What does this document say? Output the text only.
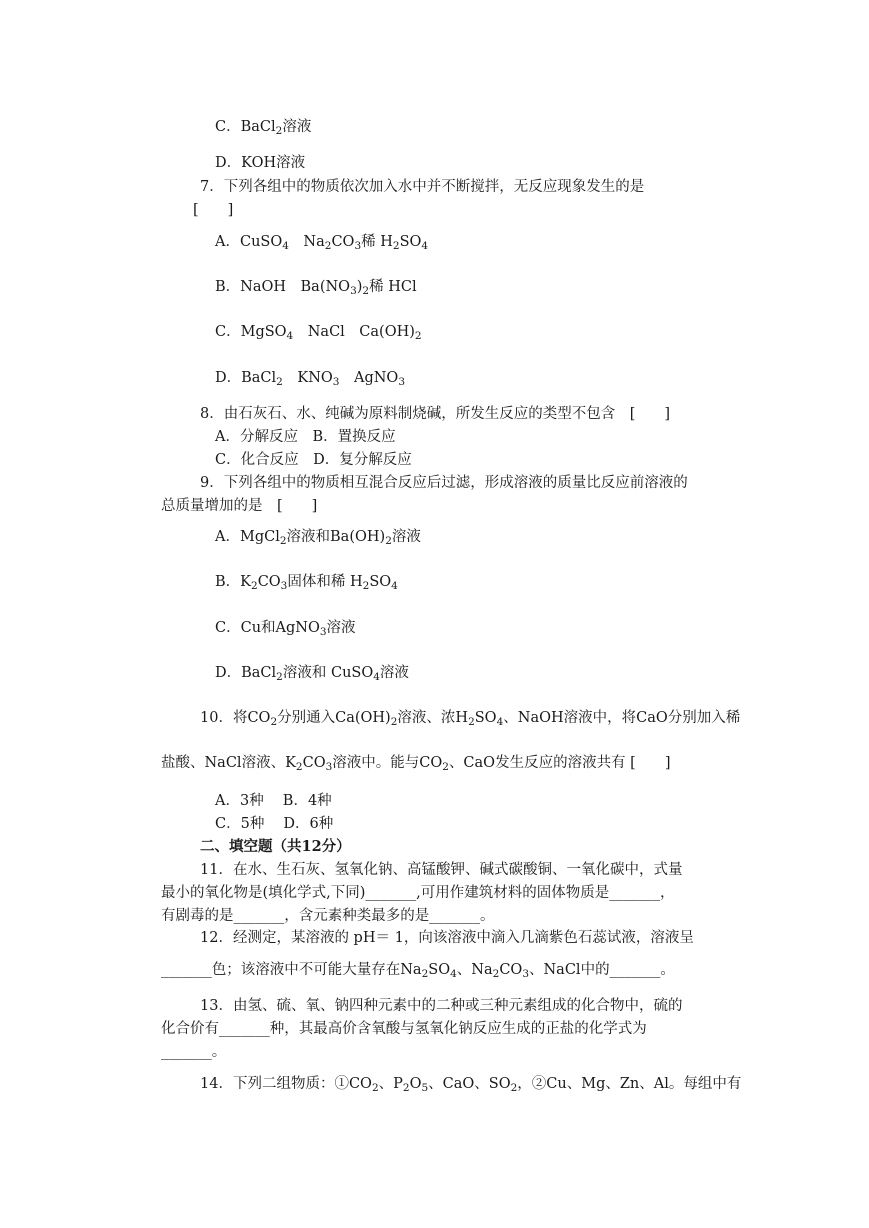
C．BaCl$_2$溶液
D．KOH溶液
7．下列各组中的物质依次加入水中并不断搅拌，无反应现象发生的是
[　　]
A．CuSO$_4$　$Na_2CO_3$稀 $H_2SO_4$
B．NaOH　$Ba(NO_3)_2$稀 HCl
C．MgSO$_4$　NaCl　$Ca(OH)_2$
D．BaCl$_2$　$KNO_3$　AgNO$_3$
8．由石灰石、水、纯碱为原料制烧碱，所发生反应的类型不包含　[　　]
A．分解反应　B．置换反应
C．化合反应　D．复分解反应
9．下列各组中的物质相互混合反应后过滤，形成溶液的质量比反应前溶液的
总质量增加的是　[　　]
A．MgCl$_2$溶液和$Ba(OH)_2$溶液
B．$K_2CO_3$固体和稀 $H_2SO_4$
C．Cu和AgNO$_3$溶液
D．BaCl$_2$溶液和 CuSO$_4$溶液
10．将$CO_2$分别通入$Ca(OH)_2$溶液、浓$H_2SO_4$、NaOH溶液中，将CaO分别加入稀
盐酸、NaCl溶液、$K_2CO_3$溶液中。能与$CO_2$、CaO发生反应的溶液共有 [　　]
A．3种　 B．4种
C．5种　 D．6种
二、填空题（共12分）
11．在水、生石灰、氢氧化钠、高锰酸钾、碱式碳酸铜、一氧化碳中，式量
最小的氧化物是(填化学式,下同)_______,可用作建筑材料的固体物质是_______，
有剧毒的是_______，含元素种类最多的是_______。
12．经测定，某溶液的 pH＝ 1，向该溶液中滴入几滴紫色石蕊试液，溶液呈
_______色；该溶液中不可能大量存在$Na_2SO_4$、$Na_2CO_3$、NaCl中的_______。
13．由氢、硫、氧、钠四种元素中的二种或三种元素组成的化合物中，硫的
化合价有_______种，其最高价含氧酸与氢氧化钠反应生成的正盐的化学式为
_______。
14．下列二组物质：$①CO_2$、$P_2O_5$、CaO、$SO_2$，②Cu、Mg、Zn、Al。每组中有
